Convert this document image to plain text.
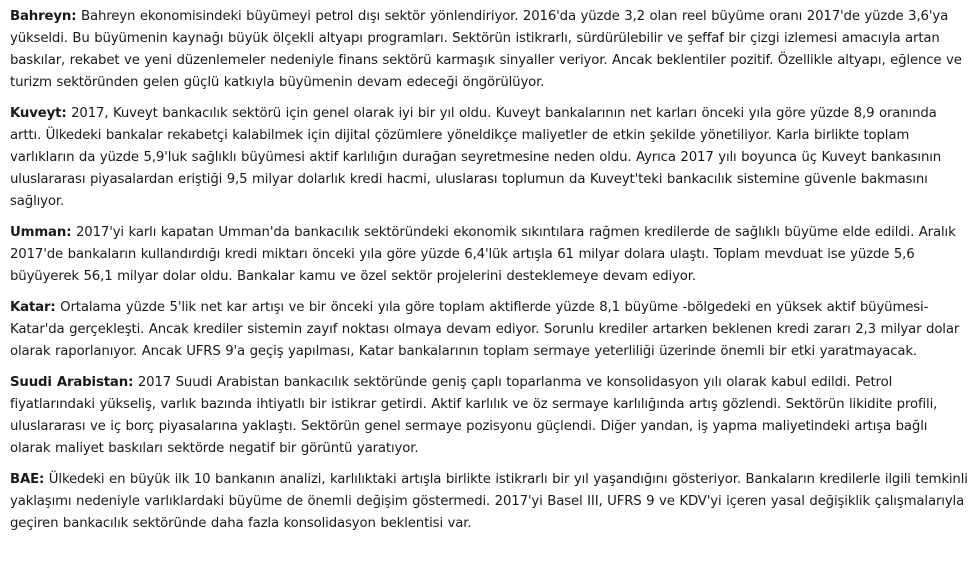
Bahreyn: Bahreyn ekonomisindeki büyümeyi petrol dışı sektör yönlendiriyor. 2016'da yüzde 3,2 olan reel büyüme oranı 2017'de yüzde 3,6'ya yükseldi. Bu büyümenin kaynağı büyük ölçekli altyapı programları. Sektörün istikrarlı, sürdürülebilir ve şeffaf bir çizgi izlemesi amacıyla artan baskılar, rekabet ve yeni düzenlemeler nedeniyle finans sektörü karmaşık sinyaller veriyor. Ancak beklentiler pozitif. Özellikle altyapı, eğlence ve turizm sektöründen gelen güçlü katkıyla büyümenin devam edeceği öngörülüyor.

Kuveyt: 2017, Kuveyt bankacılık sektörü için genel olarak iyi bir yıl oldu. Kuveyt bankalarının net karları önceki yıla göre yüzde 8,9 oranında arttı. Ülkedeki bankalar rekabetçi kalabilmek için dijital çözümlere yöneldikçe maliyetler de etkin şekilde yönetiliyor. Karla birlikte toplam varlıkların da yüzde 5,9'luk sağlıklı büyümesi aktif karlılığın durağan seyretmesine neden oldu. Ayrıca 2017 yılı boyunca üç Kuveyt bankasının uluslararası piyasalardan eriştiği 9,5 milyar dolarlık kredi hacmi, uluslarası toplumun da Kuveyt'teki bankacılık sistemine güvenle bakmasını sağlıyor.

Umman: 2017'yi karlı kapatan Umman'da bankacılık sektöründeki ekonomik sıkıntılara rağmen kredilerde de sağlıklı büyüme elde edildi. Aralık 2017'de bankaların kullandırdığı kredi miktarı önceki yıla göre yüzde 6,4'lük artışla 61 milyar dolara ulaştı. Toplam mevduat ise yüzde 5,6 büyüyerek 56,1 milyar dolar oldu. Bankalar kamu ve özel sektör projelerini desteklemeye devam ediyor.

Katar: Ortalama yüzde 5'lik net kar artışı ve bir önceki yıla göre toplam aktiflerde yüzde 8,1 büyüme -bölgedeki en yüksek aktif büyümesi- Katar'da gerçekleşti. Ancak krediler sistemin zayıf noktası olmaya devam ediyor. Sorunlu krediler artarken beklenen kredi zararı 2,3 milyar dolar olarak raporlanıyor. Ancak UFRS 9'a geçiş yapılması, Katar bankalarının toplam sermaye yeterliliği üzerinde önemli bir etki yaratmayacak.

Suudi Arabistan: 2017 Suudi Arabistan bankacılık sektöründe geniş çaplı toparlanma ve konsolidasyon yılı olarak kabul edildi. Petrol fiyatlarındaki yükseliş, varlık bazında ihtiyatlı bir istikrar getirdi. Aktif karlılık ve öz sermaye karlılığında artış gözlendi. Sektörün likidite profili, uluslararası ve iç borç piyasalarına yaklaştı. Sektörün genel sermaye pozisyonu güçlendi. Diğer yandan, iş yapma maliyetindeki artışa bağlı olarak maliyet baskıları sektörde negatif bir görüntü yaratıyor.

BAE: Ülkedeki en büyük ilk 10 bankanın analizi, karlılıktaki artışla birlikte istikrarlı bir yıl yaşandığını gösteriyor. Bankaların kredilerle ilgili temkinli yaklaşımı nedeniyle varlıklardaki büyüme de önemli değişim göstermedi. 2017'yi Basel III, UFRS 9 ve KDV'yi içeren yasal değişiklik çalışmalarıyla geçiren bankacılık sektöründe daha fazla konsolidasyon beklentisi var.
